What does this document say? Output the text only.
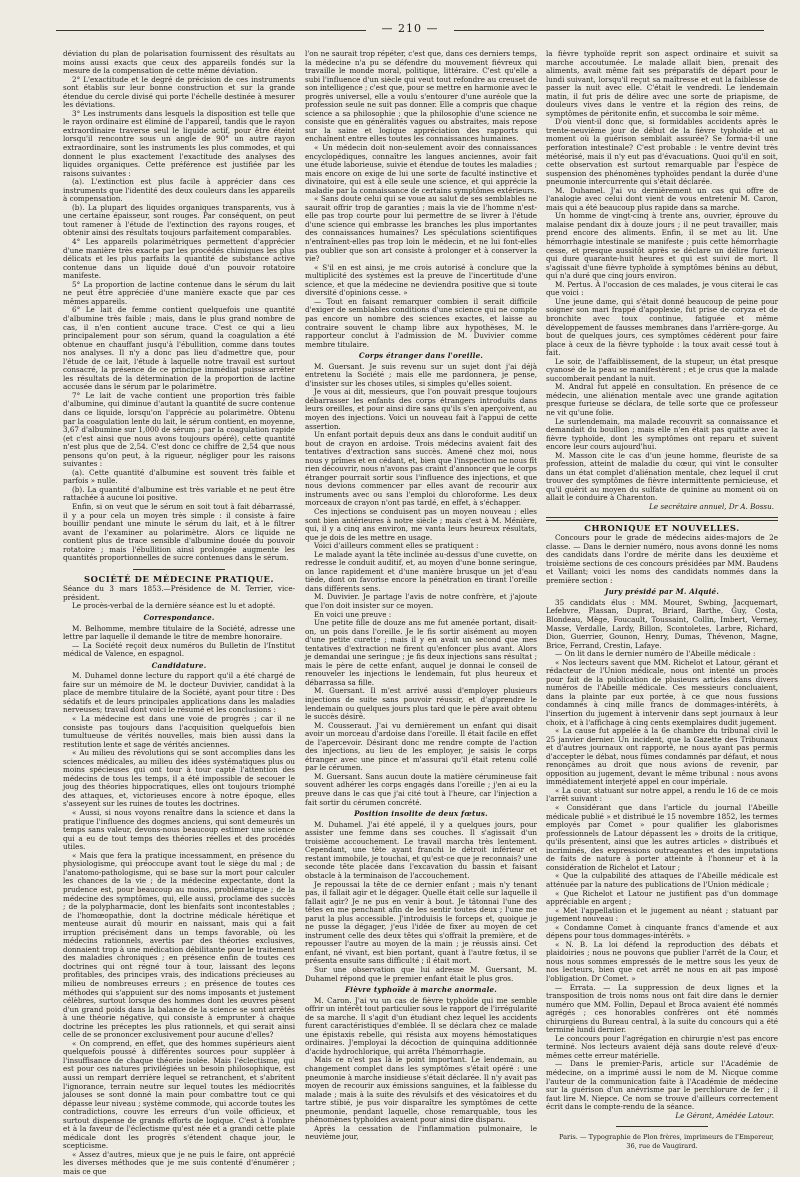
— 210 —

déviation du plan de polarisation fournissent des résultats au moins aussi exacts que ceux des appareils fondés sur la mesure de la compensation de cette même déviation.

2° L'exactitude et le degré de précision de ces instruments sont établis sur leur bonne construction et sur la grande étendue du cercle divisé qui porte l'échelle destinée à mesurer les déviations.

3° Les instruments dans lesquels la disposition est telle que le rayon ordinaire est éliminé de l'appareil, tandis que le rayon extraordinaire traverse seul le liquide actif, pour être éteint lorsqu'il rencontre sous un angle de 90° un autre rayon extraordinaire, sont les instruments les plus commodes, et qui donnent le plus exactement l'exactitude des analyses des liquides organiques. Cette préférence est justifiée par les raisons suivantes :

(a). L'extinction est plus facile à apprécier dans ces instruments que l'identité des deux couleurs dans les appareils à compensation.

(b). La plupart des liquides organiques transparents, vus à une certaine épaisseur, sont rouges. Par conséquent, on peut tout ramener à l'étude de l'extinction des rayons rouges, et obtenir ainsi des résultats toujours parfaitement comparables.

4° Les appareils polarimétriques permettent d'apprécier d'une manière très exacte par les procédés chimiques les plus délicats et les plus parfaits la quantité de substance active contenue dans un liquide doué d'un pouvoir rotatoire manifeste.

5° La proportion de lactine contenue dans le sérum du lait ne peut être appréciée d'une manière exacte que par ces mêmes appareils.

6° Le lait de femme contient quelquefois une quantité d'albumine très faible ; mais, dans le plus grand nombre de cas, il n'en contient aucune trace. C'est ce qui a lieu principalement pour son sérum, quand la coagulation a été obtenue en chauffant jusqu'à l'ébullition, comme dans toutes nos analyses. Il n'y a donc pas lieu d'admettre que, pour l'étude de ce lait, l'étude à laquelle notre travail est surtout consacré, la présence de ce principe immédiat puisse arrêter les résultats de la détermination de la proportion de lactine accusée dans le sérum par le polarimètre.

7° Le lait de vache contient une proportion très faible d'albumine, qui diminue d'autant la quantité de sucre contenue dans ce liquide, lorsqu'on l'apprécie au polarimètre. Obtenu par la coagulation lente du lait, le sérum contient, en moyenne, 3,67 d'albumine sur 1,000 de sérum ; par la coagulation rapide (et c'est ainsi que nous avons toujours opéré), cette quantité n'est plus que de 2,54. C'est donc ce chiffre de 2,54 que nous pensons qu'on peut, à la rigueur, négliger pour les raisons suivantes :

(a). Cette quantité d'albumine est souvent très faible et parfois » nulle.

(b). La quantité d'albumine est très variable et ne peut être rattachée à aucune loi positive.

Enfin, si on veut que le sérum en soit tout à fait débarrassé, il y a pour cela un moyen très simple : il consiste à faire bouillir pendant une minute le sérum du lait, et à le filtrer avant de l'examiner au polarimètre. Alors ce liquide ne contient plus de trace sensible d'albumine douée du pouvoir rotatoire ; mais l'ébullition ainsi prolongée augmente les quantités proportionnelles de sucre contenues dans le sérum.

SOCIÉTÉ DE MÉDECINE PRATIQUE.

Séance du 3 mars 1853.—Présidence de M. Terrier, vice-président.

Le procès-verbal de la dernière séance est lu et adopté.

Correspondance.

M. Belhomme, membre titulaire de la Société, adresse une lettre par laquelle il demande le titre de membre honoraire.

— La Société reçoit deux numéros du Bulletin de l'Institut médical de Valence, en espagnol.

Candidature.

M. Duhamel donne lecture du rapport qu'il a été chargé de faire sur un mémoire de M. le docteur Duvivier, candidat à la place de membre titulaire de la Société, ayant pour titre : Des sédatifs et de leurs principales applications dans les maladies nerveuses; travail dont voici le résumé et les conclusions :

« La médecine est dans une voie de progrès ; car il ne consiste pas toujours dans l'acquisition quelquefois bien tumultueuse de vérités nouvelles, mais bien aussi dans la restitution lente et sage de vérités anciennes.

« Au milieu des révolutions qui se sont accomplies dans les sciences médicales, au milieu des idées systématiques plus ou moins spécieuses qui ont tour à tour capté l'attention des médecins de tous les temps, il a été impossible de secouer le joug des théories hippocratiques, elles ont toujours triomphé des attaques, et, victorieuses encore à notre époque, elles s'asseyent sur les ruines de toutes les doctrines.

« Aussi, si nous voyons renaître dans la science et dans la pratique l'influence des dogmes anciens, qui sont demeurés un temps sans valeur, devons-nous beaucoup estimer une science qui a eu de tout temps des théories réelles et des procédés utiles.

« Mais que fera la pratique incessamment, en présence du physiologisme, qui préoccupe avant tout le siège du mal ; de l'anatomo-pathologisme, qui se base sur la mort pour calculer les chances de la vie ; de la médecine expectante, dont la prudence est, pour beaucoup au moins, problématique ; de la médecine des symptômes, qui, elle aussi, proclame des succès ; de la polypharmacie, dont les bienfaits sont incontestables ; de l'homœopathie, dont la doctrine médicale hérétique et menteuse aurait dû mourir en naissant, mais qui a fait irruption précisément dans un temps favorable, où les médecins rationnels, avertis par des théories exclusives, donnaient trop à une médication débilitante pour le traitement des maladies chroniques ; en présence enfin de toutes ces doctrines qui ont régné tour à tour, laissant des leçons profitables, des principes vrais, des indications précieuses au milieu de nombreuses erreurs ; en présence de toutes ces méthodes qui s'appuient sur des noms imposants et justement célèbres, surtout lorsque des hommes dont les œuvres pèsent d'un grand poids dans la balance de la science se sont arrêtés à une théorie négative, qui consiste à emprunter à chaque doctrine les préceptes les plus rationnels, et qui serait ainsi celle de se prononcer exclusivement pour aucune d'elles?

« On comprend, en effet, que des hommes supérieurs aient quelquefois poussé à différentes sources pour suppléer à l'insuffisance de chaque théorie isolée. Mais l'éclectisme, qui est pour ces natures privilégiées un besoin philosophique, est aussi un rempart derrière lequel se retranchent, et s'abritent l'ignorance, terrain neutre sur lequel toutes les médiocrités jalouses se sont donné la main pour combattre tout ce qui dépasse leur niveau ; système commode, qui accorde toutes les contradictions, couvre les erreurs d'un voile officieux, et surtout dispense de grands efforts de logique. C'est à l'ombre et à la faveur de l'éclectisme qu'est née et a grandi cette plaie médicale dont les progrès s'étendent chaque jour, le scepticisme.

« Assez d'autres, mieux que je ne puis le faire, ont apprécié les diverses méthodes que je me suis contenté d'énumérer ; mais ce que

l'on ne saurait trop répéter, c'est que, dans ces derniers temps, la médecine n'a pu se défendre du mouvement fiévreux qui travaille le monde moral, politique, littéraire. C'est qu'elle a subi l'influence d'un siècle qui veut tout refondre au creuset de son intelligence ; c'est que, pour se mettre en harmonie avec le progrès universel, elle a voulu s'entourer d'une auréole que la profession seule ne suit pas donner. Elle a compris que chaque science a sa philosophie ; que la philosophie d'une science ne consiste que en généralités vagues ou abstraites, mais repose sur la saine et logique appréciation des rapports qui enchaînent entre elles toutes les connaissances humaines.

« Un médecin doit non-seulement avoir des connaissances encyclopédiques, connaître les langues anciennes, avoir fait une étude laborieuse, suivie et étendue de toutes les maladies ; mais encore on exige de lui une sorte de faculté instinctive et divinatoire, qui est à elle seule une science, et qui apprécie la maladie par la connaissance de certains symptômes extérieurs.

« Sans doute celui qui se voue au salut de ses semblables ne saurait offrir trop de garanties ; mais la vie de l'homme n'est-elle pas trop courte pour lui permettre de se livrer à l'étude d'une science qui embrasse les branches les plus importantes des connaissances humaines? Les spéculations scientifiques n'entraînent-elles pas trop loin le médecin, et ne lui font-elles pas oublier que son art consiste à prolonger et à conserver la vie?

« S'il en est ainsi, je me crois autorisé à conclure que la multiplicité des systèmes est la preuve de l'incertitude d'une science, et que la médecine ne deviendra positive que si toute diversité d'opinions cesse. »

— Tout en faisant remarquer combien il serait difficile d'exiger de semblables conditions d'une science qui ne compte pas encore un nombre des sciences exactes, et laisse au contraire souvent le champ libre aux hypothèses, M. le rapporteur conclut à l'admission de M. Duvivier comme membre titulaire.

Corps étranger dans l'oreille.

M. Guersant. Je suis revenu sur un sujet dont j'ai déjà entretenu la Société ; mais elle me pardonnera, je pense, d'insister sur les choses utiles, si simples qu'elles soient.

Je vous ai dit, messieurs, que l'on pouvait presque toujours débarrasser les enfants des corps étrangers introduits dans leurs oreilles, et pour ainsi dire sans qu'ils s'en aperçoivent, au moyen des injections. Voici un nouveau fait à l'appui de cette assertion.

Un enfant portait depuis deux ans dans le conduit auditif un bout de crayon en ardoise. Trois médecins avaient fait des tentatives d'extraction sans succès. Amené chez moi, nous nous y prîmes et en cédant, et, bien que l'inspection ne nous fît rien découvrir, nous n'avons pas craint d'annoncer que le corps étranger pourrait sortir sous l'influence des injections, et que nous devions commencer par elles avant de recourir aux instruments avec ou sans l'emploi du chloroforme. Les deux morceaux de crayon n'ont pas tardé, en effet, à s'échapper.

Ces injections se conduisent pas un moyen nouveau ; elles sont bien antérieures à notre siècle ; mais c'est à M. Ménière, qui, il y a cinq ans environ, me vanta leurs heureux résultats, que je dois de les mettre en usage.

Voici d'ailleurs comment elles se pratiquent :

Le malade ayant la tête inclinée au-dessus d'une cuvette, on redresse le conduit auditif, et, au moyen d'une bonne seringue, on lance rapidement et d'une manière brusque un jet d'eau tiède, dont on favorise encore la pénétration en tirant l'oreille dans différents sens.

M. Duvivier. Je partage l'avis de notre confrère, et j'ajoute que l'on doit insister sur ce moyen.

En voici une preuve :

Une petite fille de douze ans me fut amenée portant, disait-on, un pois dans l'oreille. Je le fis sortir aisément au moyen d'une petite curette ; mais il y en avait un second que mes tentatives d'extraction ne firent qu'enfoncer plus avant. Alors je demandai une seringue ; je fis deux injections sans résultat ; mais le père de cette enfant, auquel je donnai le conseil de renouveler les injections le lendemain, fut plus heureux et débarrassa sa fille.

M. Guersant. Il m'est arrivé aussi d'employer plusieurs injections de suite sans pouvoir réussir, et d'apprendre le lendemain ou quelques jours plus tard que le père avait obtenu le succès désiré.

M. Cousseraut. J'ai vu dernièrement un enfant qui disait avoir un morceau d'ardoise dans l'oreille. Il était facile en effet de l'apercevoir. Désirant donc me rendre compte de l'action des injections, au lieu de les employer, je saisis le corps étranger avec une pince et m'assurai qu'il était retenu collé par le cérumen.

M. Guersant. Sans aucun doute la matière cérumineuse fait souvent adhérer les corps engagés dans l'oreille ; j'en ai eu la preuve dans le cas que j'ai cité tout à l'heure, car l'injection a fait sortir du cérumen concrété.

Position insolite de deux fœtus.

M. Duhamel. J'ai été appelé, il y a quelques jours, pour assister une femme dans ses couches. Il s'agissait d'un troisième accouchement. Le travail marcha très lentement. Cependant, une tête ayant franchi le détroit inférieur et restant immobile, je touchai, et qu'est-ce que je reconnais? une seconde tête placée dans l'excavation du bassin et faisant obstacle à la terminaison de l'accouchement.

Je repoussai la tête de ce dernier enfant ; mais n'y tenant pas, il fallait agir et le dégager. Quelle était celle sur laquelle il fallait agir? Je ne pus en venir à bout. Je tâtonnai l'une des têtes en me penchant afin de les sentir toutes deux ; l'une me parut la plus accessible. J'introduisis le forceps et, quoique je ne pusse la dégager, j'eus l'idée de fixer au moyen de cet instrument celle des deux têtes qui s'offrait la première, et de repousser l'autre au moyen de la main ; je réussis ainsi. Cet enfant, né vivant, est bien portant, quant à l'autre fœtus, il se présenta ensuite sans difficulté ; il était mort.

Sur une observation que lui adresse M. Guersant, M. Duhamel répond que le premier enfant était le plus gros.

Fièvre typhoïde à marche anormale.

M. Caron. J'ai vu un cas de fièvre typhoïde qui me semble offrir un intérêt tout particulier sous le rapport de l'irrégularité de sa marche. Il s'agit d'un étudiant chez lequel les accidents furent caractéristiques d'emblée. Il se déclara chez ce malade une épistaxis rebelle, qui résista aux moyens hémostatiques ordinaires. J'employai la décoction de quinquina additionnée d'acide hydrochlorique, qui arrêta l'hémorrhagie.

Mais ce n'est pas là le point important. Le lendemain, au changement complet dans les symptômes s'était opéré : une pneumonie à marche insidieuse s'était déclarée. Il n'y avait pas moyen de recourir aux émissions sanguines, et la faiblesse du malade ; mais à la suite des révulsifs et des vésicatoires et du tartre stibié, je pus voir disparaître les symptômes de cette pneumonie, pendant laquelle, chose remarquable, tous les phénomènes typhoïdes avaient pour ainsi dire disparu.

Après la cessation de l'inflammation pulmonaire, le neuvième jour,

la fièvre typhoïde reprit son aspect ordinaire et suivit sa marche accoutumée. Le malade allait bien, prenait des aliments, avait même fait ses préparatifs de départ pour le lundi suivant, lorsqu'il reçut sa maîtresse et eut la faiblesse de passer la nuit avec elle. C'était le vendredi. Le lendemain matin, il fut pris de délire avec une sorte de priapisme, de douleurs vives dans le ventre et la région des reins, de symptômes de péritonite enfin, et succomba le soir même.

D'où vient-il donc que, si formidables accidents après le trente-neuvième jour de début de la fièvre typhoïde et au moment où la guérison semblait assurée? Se forma-t-il une perforation intestinale? C'est probable : le ventre devint très météorisé, mais il n'y eut pas d'évacuations. Quoi qu'il en soit, cette observation est surtout remarquable par l'espèce de suspension des phénomènes typhoïdes pendant la durée d'une pneumonie intercurrente qui s'était déclarée.

M. Duhamel. J'ai vu dernièrement un cas qui offre de l'analogie avec celui dont vient de vous entretenir M. Caron, mais qui a été beaucoup plus rapide dans sa marche.

Un homme de vingt-cinq à trente ans, ouvrier, éprouve du malaise pendant dix à douze jours ; il ne peut travailler, mais prend encore des aliments. Enfin, il se met au lit. Une hémorrhagie intestinale se manifeste ; puis cette hémorrhagie cesse, et presque aussitôt après se déclare un délire furieux qui dure quarante-huit heures et qui est suivi de mort. Il s'agissait d'une fièvre typhoïde à symptômes bénins au début, qui n'a duré que cinq jours environ.

M. Pertus. À l'occasion de ces malades, je vous citerai le cas que voici :

Une jeune dame, qui s'était donné beaucoup de peine pour soigner son mari frappé d'apoplexie, fut prise de coryza et de bronchite avec toux continue, fatiguée et même développement de fausses membranes dans l'arrière-gorge. Au bout de quelques jours, ces symptômes cédèrent pour faire place à ceux de la fièvre typhoïde : la toux avait cessé tout à fait.

Le soir, de l'affaiblissement, de la stupeur, un état presque cyanosé de la peau se manifestèrent ; et je crus que la malade succomberait pendant la nuit.

M. Andral fut appelé en consultation. En présence de ce médecin, une aliénation mentale avec une grande agitation presque furieuse se déclara, de telle sorte que ce professeur ne vit qu'une folie.

Le surlendemain, ma malade recouvrit sa connaissance et demandait du bouillon ; mais elle n'en était pas quitte avec la fièvre typhoïde, dont les symptômes ont reparu et suivent encore leur cours aujourd'hui.

M. Masson cite le cas d'un jeune homme, fleuriste de sa profession, atteint de maladie du cœur, qui vint le consulter dans un état complet d'aliénation mentale, chez lequel il crut trouver des symptômes de fièvre intermittente pernicieuse, et qu'il guérit au moyen du sulfate de quinine au moment où on allait le conduire à Charenton.

Le secrétaire annuel, Dr A. Bossu.

CHRONIQUE ET NOUVELLES.

Concours pour le grade de médecins aides-majors de 2e classe. — Dans le dernier numéro, nous avons donné les noms des candidats dans l'ordre de mérite dans les deuxième et troisième sections de ces concours présidées par MM. Baudens et Vaillant; voici les noms des candidats nommés dans la première section :

Jury présidé par M. Alquié.

35 candidats élus : MM. Mouret, Swbing, Jacquemart, Lefebvre, Plassan, Duprat, Briard, Barthe, Guy, Costa, Blondeau, Mège, Foucault, Toussaint, Collin, Imbert, Verney, Masse, Verdalle, Lardy, Billon, Scontoletes, Larbre, Richard, Dion, Guerrier, Gounon, Henry, Dumas, Thévenon, Magne, Brice, Ferrand, Crestin, Lafaye.

— On lit dans le dernier numéro de l'Abeille médicale :

« Nos lecteurs savent que MM. Richelot et Latour, gérant et rédacteur de l'Union médicale, nous ont intenté un procès pour fait de la publication de plusieurs articles dans divers numéros de l'Abeille médicale. Ces messieurs concluaient, dans la plainte par eux portée, à ce que nous fussions condamnés à cinq mille francs de dommages-intérêts, à l'insertion du jugement à intervenir dans sept journaux à leur choix, et à l'affichage à cinq cents exemplaires dudit jugement.

« La cause fut appelée à la 6e chambre du tribunal civil le 25 janvier dernier. Un incident, que la Gazette des Tribunaux et d'autres journaux ont rapporté, ne nous ayant pas permis d'accepter le débat, nous fûmes condamnés par défaut, et nous renonçâmes au droit que nous avions de revenir, par opposition au jugement, devant le même tribunal : nous avons immédiatement interjeté appel en cour impériale.

« La cour, statuant sur notre appel, a rendu le 16 de ce mois l'arrêt suivant :

« Considérant que dans l'article du journal l'Abeille médicale publié » et distribué le 15 novembre 1852, les termes employés par Comet » pour qualifier les glaborismes professionnels de Latour dépassent les » droits de la critique, qu'ils présentent, ainsi que les autres articles » distribués et incriminés, des expressions outrageantes et des imputations de faits de nature à porter atteinte à l'honneur et à la considération de Richelot et Latour ;

« Que la culpabilité des attaques de l'Abeille médicale est atténuée par la nature des publications de l'Union médicale ;

« Que Richelot et Latour ne justifient pas d'un dommage appréciable en argent ;

« Met l'appellation et le jugement au néant ; statuant par jugement nouveau :

« Condamne Comet à cinquante francs d'amende et aux dépens pour tous dommages-intérêts. »

« N. B. La loi défend la reproduction des débats et plaidoiries ; nous ne pouvons que publier l'arrêt de la Cour, et nous nous sommes empressés de le mettre sous les yeux de nos lecteurs, bien que cet arrêt ne nous en ait pas imposé l'obligation. Dr Comet. »

— Errata. — La suppression de deux lignes et la transposition de trois noms nous ont fait dire dans le dernier numéro que MM. Follin, Depaul et Broca avaient été nommés agrégés ; ces honorables confrères ont été nommés chirurgiens du Bureau central, à la suite du concours qui a été terminé lundi dernier.

Le concours pour l'agrégation en chirurgie n'est pas encore terminé. Nos lecteurs avaient déjà sans doute relevé d'eux-mêmes cette erreur matérielle.

— Dans le premier-Paris, article sur l'Académie de médecine, on a imprimé aussi le nom de M. Nicque comme l'auteur de la communication faite à l'Académie de médecine sur la guérison d'un anévrisme par le perchlorure de fer ; il faut lire M. Niepce. Ce nom se trouve d'ailleurs correctement écrit dans le compte-rendu de la séance.

Le Gérant, Amédée Latour.

Paris. — Typographie de Plon frères, imprimeurs de l'Empereur, 36, rue de Vaugirard.
